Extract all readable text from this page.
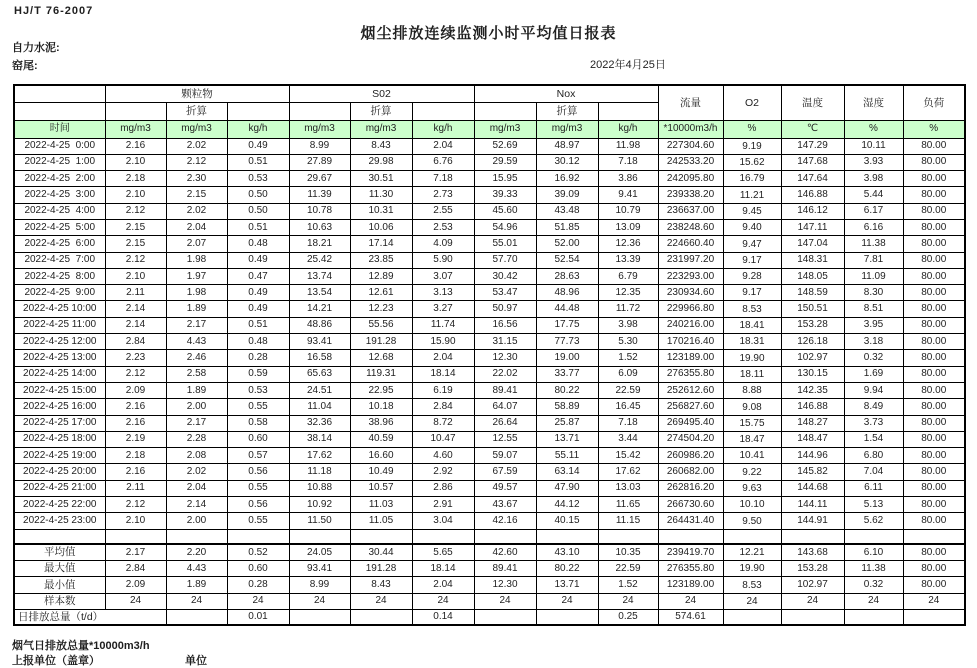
HJ/T 76-2007
烟尘排放连续监测小时平均值日报表
自力水泥:
窑尾:	2022年4月25日
	颗粒物			S02			Nox			流量	O2	温度	湿度	负荷
		折算			折算			折算						
时间	mg/m3	mg/m3	kg/h	mg/m3	mg/m3	kg/h	mg/m3	mg/m3	kg/h	*10000m3/h	%	℃	%	%
2022-4-25  0:00	2.16	2.02	0.49	8.99	8.43	2.04	52.69	48.97	11.98	227304.60	9.19	147.29	10.11	80.00
2022-4-25  1:00	2.10	2.12	0.51	27.89	29.98	6.76	29.59	30.12	7.18	242533.20	15.62	147.68	3.93	80.00
2022-4-25  2:00	2.18	2.30	0.53	29.67	30.51	7.18	15.95	16.92	3.86	242095.80	16.79	147.64	3.98	80.00
2022-4-25  3:00	2.10	2.15	0.50	11.39	11.30	2.73	39.33	39.09	9.41	239338.20	11.21	146.88	5.44	80.00
2022-4-25  4:00	2.12	2.02	0.50	10.78	10.31	2.55	45.60	43.48	10.79	236637.00	9.45	146.12	6.17	80.00
2022-4-25  5:00	2.15	2.04	0.51	10.63	10.06	2.53	54.96	51.85	13.09	238248.60	9.40	147.11	6.16	80.00
2022-4-25  6:00	2.15	2.07	0.48	18.21	17.14	4.09	55.01	52.00	12.36	224660.40	9.47	147.04	11.38	80.00
2022-4-25  7:00	2.12	1.98	0.49	25.42	23.85	5.90	57.70	52.54	13.39	231997.20	9.17	148.31	7.81	80.00
2022-4-25  8:00	2.10	1.97	0.47	13.74	12.89	3.07	30.42	28.63	6.79	223293.00	9.28	148.05	11.09	80.00
2022-4-25  9:00	2.11	1.98	0.49	13.54	12.61	3.13	53.47	48.96	12.35	230934.60	9.17	148.59	8.30	80.00
2022-4-25 10:00	2.14	1.89	0.49	14.21	12.23	3.27	50.97	44.48	11.72	229966.80	8.53	150.51	8.51	80.00
2022-4-25 11:00	2.14	2.17	0.51	48.86	55.56	11.74	16.56	17.75	3.98	240216.00	18.41	153.28	3.95	80.00
2022-4-25 12:00	2.84	4.43	0.48	93.41	191.28	15.90	31.15	77.73	5.30	170216.40	18.31	126.18	3.18	80.00
2022-4-25 13:00	2.23	2.46	0.28	16.58	12.68	2.04	12.30	19.00	1.52	123189.00	19.90	102.97	0.32	80.00
2022-4-25 14:00	2.12	2.58	0.59	65.63	119.31	18.14	22.02	33.77	6.09	276355.80	18.11	130.15	1.69	80.00
2022-4-25 15:00	2.09	1.89	0.53	24.51	22.95	6.19	89.41	80.22	22.59	252612.60	8.88	142.35	9.94	80.00
2022-4-25 16:00	2.16	2.00	0.55	11.04	10.18	2.84	64.07	58.89	16.45	256827.60	9.08	146.88	8.49	80.00
2022-4-25 17:00	2.16	2.17	0.58	32.36	38.96	8.72	26.64	25.87	7.18	269495.40	15.75	148.27	3.73	80.00
2022-4-25 18:00	2.19	2.28	0.60	38.14	40.59	10.47	12.55	13.71	3.44	274504.20	18.47	148.47	1.54	80.00
2022-4-25 19:00	2.18	2.08	0.57	17.62	16.60	4.60	59.07	55.11	15.42	260986.20	10.41	144.96	6.80	80.00
2022-4-25 20:00	2.16	2.02	0.56	11.18	10.49	2.92	67.59	63.14	17.62	260682.00	9.22	145.82	7.04	80.00
2022-4-25 21:00	2.11	2.04	0.55	10.88	10.57	2.86	49.57	47.90	13.03	262816.20	9.63	144.68	6.11	80.00
2022-4-25 22:00	2.12	2.14	0.56	10.92	11.03	2.91	43.67	44.12	11.65	266730.60	10.10	144.11	5.13	80.00
2022-4-25 23:00	2.10	2.00	0.55	11.50	11.05	3.04	42.16	40.15	11.15	264431.40	9.50	144.91	5.62	80.00

平均值	2.17	2.20	0.52	24.05	30.44	5.65	42.60	43.10	10.35	239419.70	12.21	143.68	6.10	80.00
最大值	2.84	4.43	0.60	93.41	191.28	18.14	89.41	80.22	22.59	276355.80	19.90	153.28	11.38	80.00
最小值	2.09	1.89	0.28	8.99	8.43	2.04	12.30	13.71	1.52	123189.00	8.53	102.97	0.32	80.00
样本数	24	24	24	24	24	24	24	24	24	24	24	24	24	24
日排放总量（t/d）			0.01			0.14			0.25	574.61				
烟气日排放总量*10000m3/h
上报单位（盖章）	单位
